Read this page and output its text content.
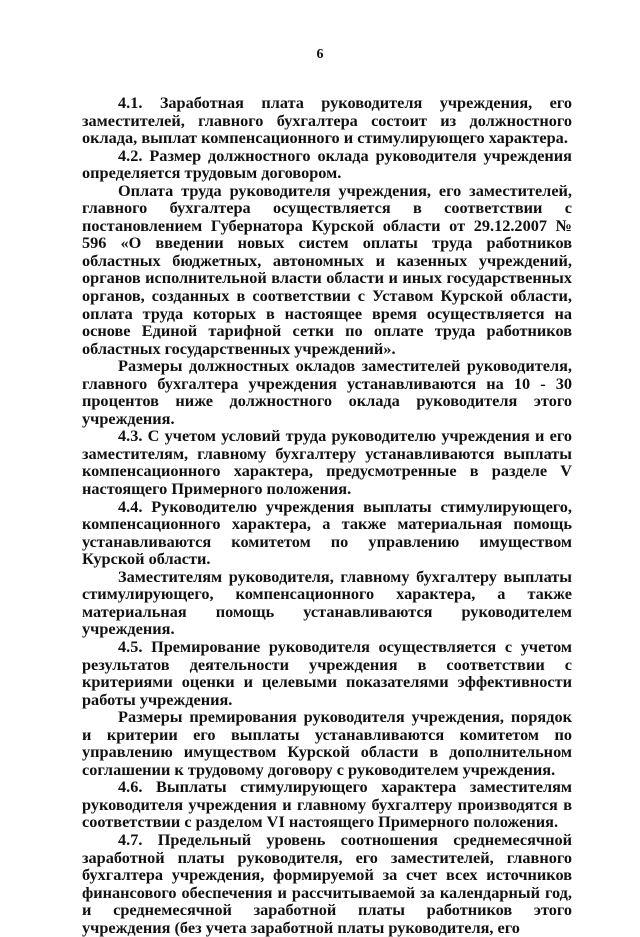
6

4.1. Заработная плата руководителя учреждения, его заместителей, главного бухгалтера состоит из должностного оклада, выплат компенсационного и стимулирующего характера.

4.2. Размер должностного оклада руководителя учреждения определяется трудовым договором.

Оплата труда руководителя учреждения, его заместителей, главного бухгалтера осуществляется в соответствии с постановлением Губернатора Курской области от 29.12.2007 № 596 «О введении новых систем оплаты труда работников областных бюджетных, автономных и казенных учреждений, органов исполнительной власти области и иных государственных органов, созданных в соответствии с Уставом Курской области, оплата труда которых в настоящее время осуществляется на основе Единой тарифной сетки по оплате труда работников областных государственных учреждений».

Размеры должностных окладов заместителей руководителя, главного бухгалтера учреждения устанавливаются на 10 - 30 процентов ниже должностного оклада руководителя этого учреждения.

4.3. С учетом условий труда руководителю учреждения и его заместителям, главному бухгалтеру устанавливаются выплаты компенсационного характера, предусмотренные в разделе V настоящего Примерного положения.

4.4. Руководителю учреждения выплаты стимулирующего, компенсационного характера, а также материальная помощь устанавливаются комитетом по управлению имуществом Курской области.

Заместителям руководителя, главному бухгалтеру выплаты стимулирующего, компенсационного характера, а также материальная помощь устанавливаются руководителем учреждения.

4.5. Премирование руководителя осуществляется с учетом результатов деятельности учреждения в соответствии с критериями оценки и целевыми показателями эффективности работы учреждения.

Размеры премирования руководителя учреждения, порядок и критерии его выплаты устанавливаются комитетом по управлению имуществом Курской области в дополнительном соглашении к трудовому договору с руководителем учреждения.

4.6. Выплаты стимулирующего характера заместителям руководителя учреждения и главному бухгалтеру производятся в соответствии с разделом VI настоящего Примерного положения.

4.7. Предельный уровень соотношения среднемесячной заработной платы руководителя, его заместителей, главного бухгалтера учреждения, формируемой за счет всех источников финансового обеспечения и рассчитываемой за календарный год, и среднемесячной заработной платы работников этого учреждения (без учета заработной платы руководителя, его
